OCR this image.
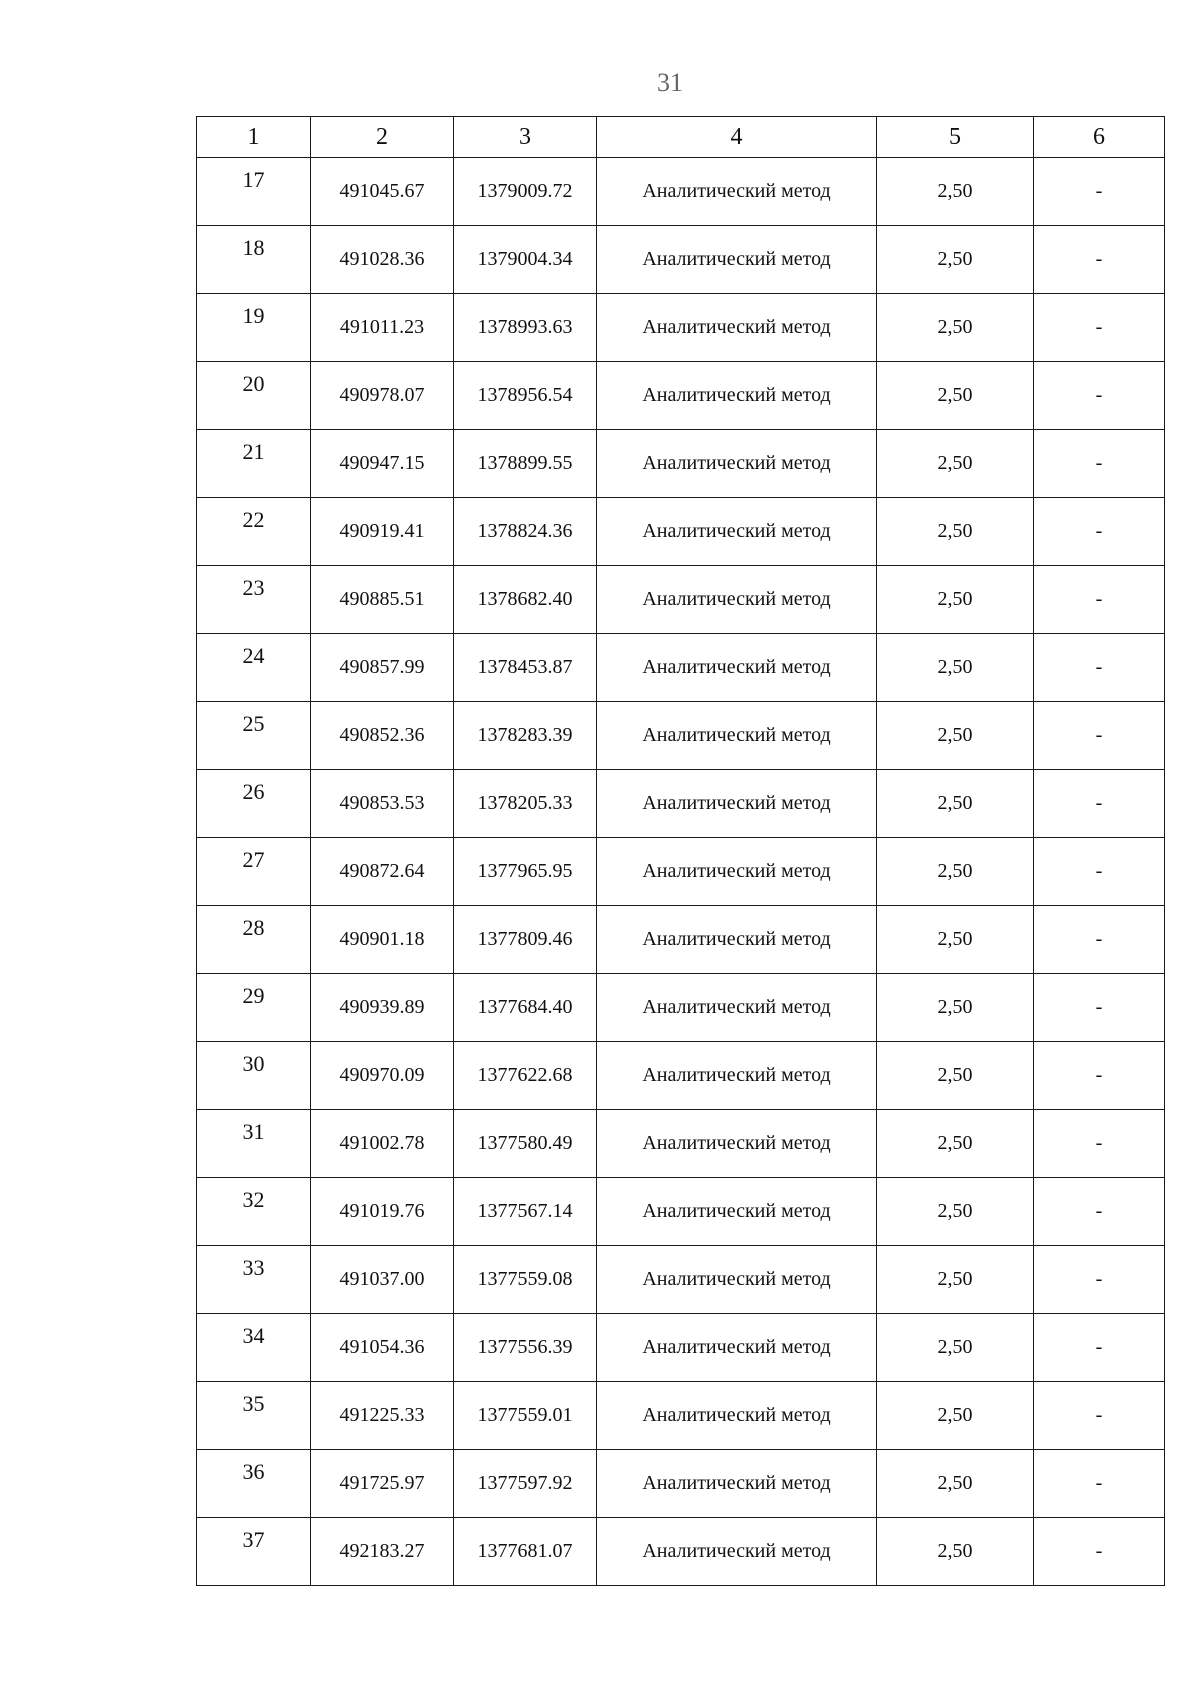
31
1	2	3	4	5	6

17	491045.67	1379009.72	Аналитический метод	2,50	-

18	491028.36	1379004.34	Аналитический метод	2,50	-

19	491011.23	1378993.63	Аналитический метод	2,50	-

20	490978.07	1378956.54	Аналитический метод	2,50	-

21	490947.15	1378899.55	Аналитический метод	2,50	-

22	490919.41	1378824.36	Аналитический метод	2,50	-

23	490885.51	1378682.40	Аналитический метод	2,50	-

24	490857.99	1378453.87	Аналитический метод	2,50	-

25	490852.36	1378283.39	Аналитический метод	2,50	-

26	490853.53	1378205.33	Аналитический метод	2,50	-

27	490872.64	1377965.95	Аналитический метод	2,50	-

28	490901.18	1377809.46	Аналитический метод	2,50	-

29	490939.89	1377684.40	Аналитический метод	2,50	-

30	490970.09	1377622.68	Аналитический метод	2,50	-

31	491002.78	1377580.49	Аналитический метод	2,50	-

32	491019.76	1377567.14	Аналитический метод	2,50	-

33	491037.00	1377559.08	Аналитический метод	2,50	-

34	491054.36	1377556.39	Аналитический метод	2,50	-

35	491225.33	1377559.01	Аналитический метод	2,50	-

36	491725.97	1377597.92	Аналитический метод	2,50	-

37	492183.27	1377681.07	Аналитический метод	2,50	-
